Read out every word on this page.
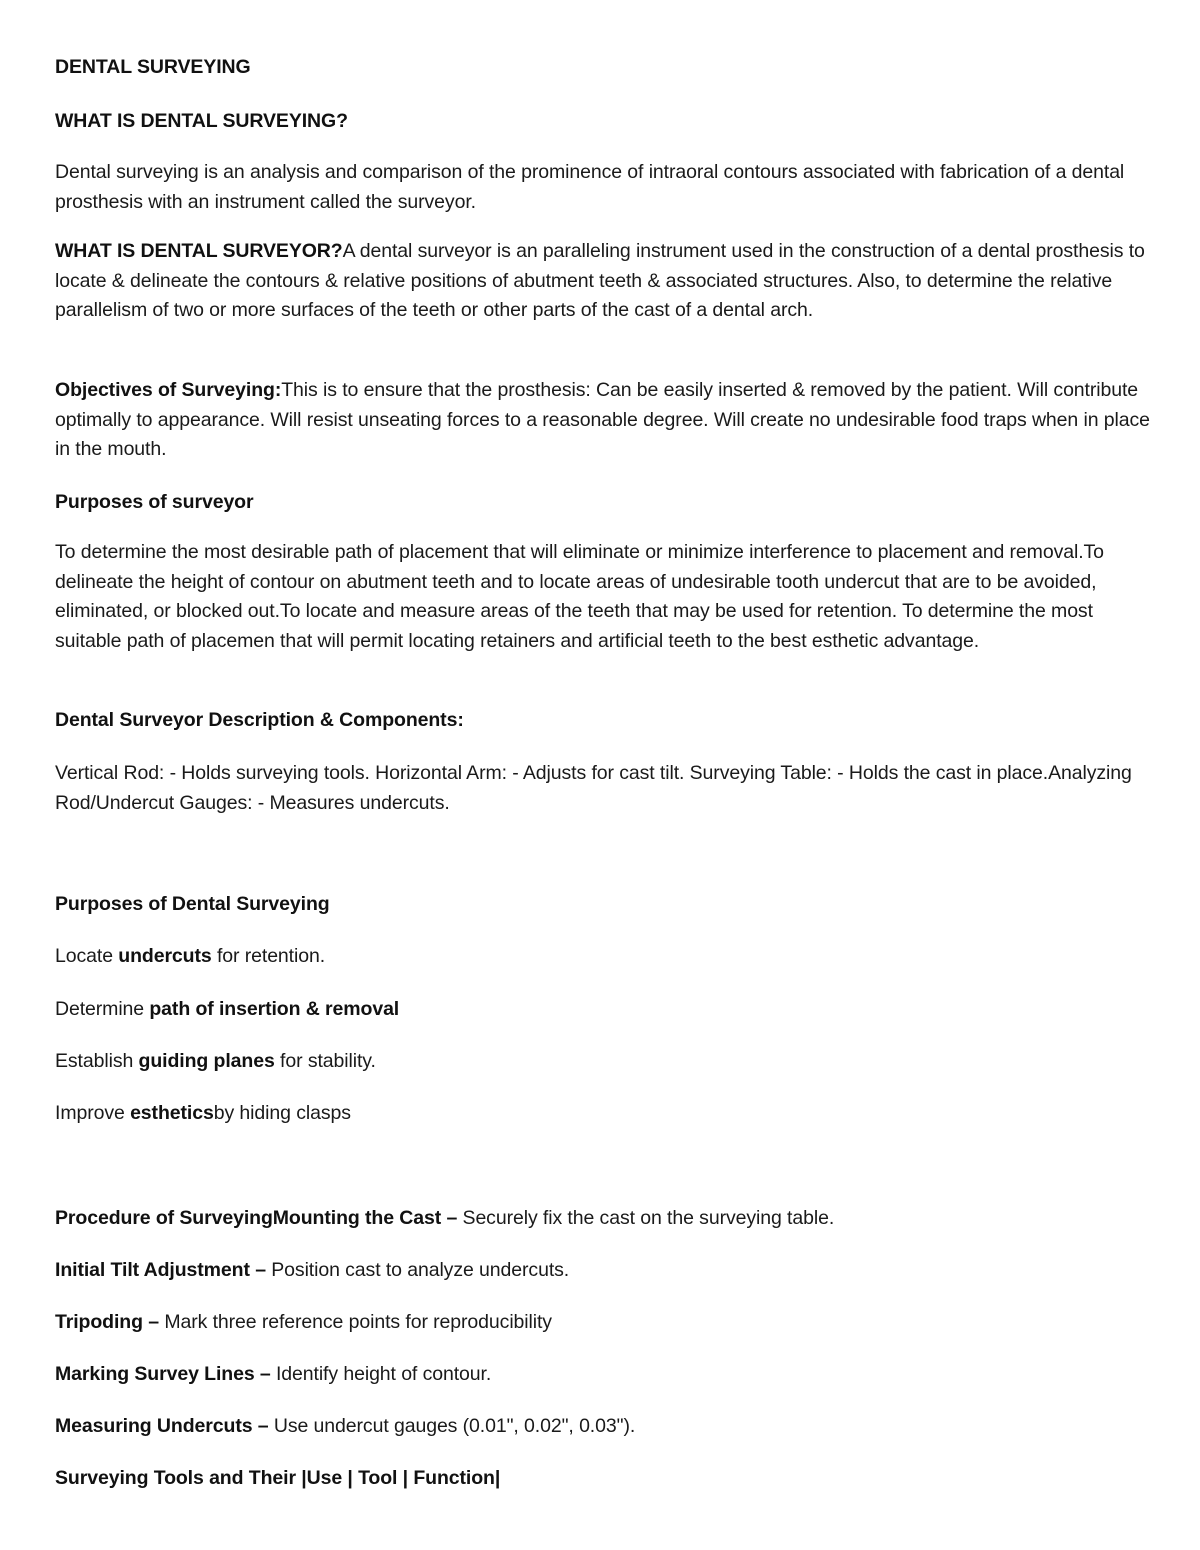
DENTAL SURVEYING

WHAT IS DENTAL SURVEYING?

Dental surveying is an analysis and comparison of the prominence of intraoral contours associated with fabrication of a dental prosthesis with an instrument called the surveyor.

WHAT IS DENTAL SURVEYOR?A dental surveyor is an paralleling instrument used in the construction of a dental prosthesis to locate & delineate the contours & relative positions of abutment teeth & associated structures. Also, to determine the relative parallelism of two or more surfaces of the teeth or other parts of the cast of a dental arch.

Objectives of Surveying:This is to ensure that the prosthesis: Can be easily inserted & removed by the patient. Will contribute optimally to appearance. Will resist unseating forces to a reasonable degree. Will create no undesirable food traps when in place in the mouth.

Purposes of surveyor

To determine the most desirable path of placement that will eliminate or minimize interference to placement and removal.To delineate the height of contour on abutment teeth and to locate areas of undesirable tooth undercut that are to be avoided, eliminated, or blocked out.To locate and measure areas of the teeth that may be used for retention. To determine the most suitable path of placemen that will permit locating retainers and artificial teeth to the best esthetic advantage.

Dental Surveyor Description & Components:

Vertical Rod: - Holds surveying tools. Horizontal Arm: - Adjusts for cast tilt. Surveying Table: - Holds the cast in place.Analyzing Rod/Undercut Gauges: - Measures undercuts.

Purposes of Dental Surveying

Locate undercuts for retention.

Determine path of insertion & removal

Establish guiding planes for stability.

Improve estheticsby hiding clasps

Procedure of SurveyingMounting the Cast – Securely fix the cast on the surveying table.

Initial Tilt Adjustment – Position cast to analyze undercuts.

Tripoding – Mark three reference points for reproducibility

Marking Survey Lines – Identify height of contour.

Measuring Undercuts – Use undercut gauges (0.01", 0.02", 0.03").

Surveying Tools and Their |Use | Tool | Function|
